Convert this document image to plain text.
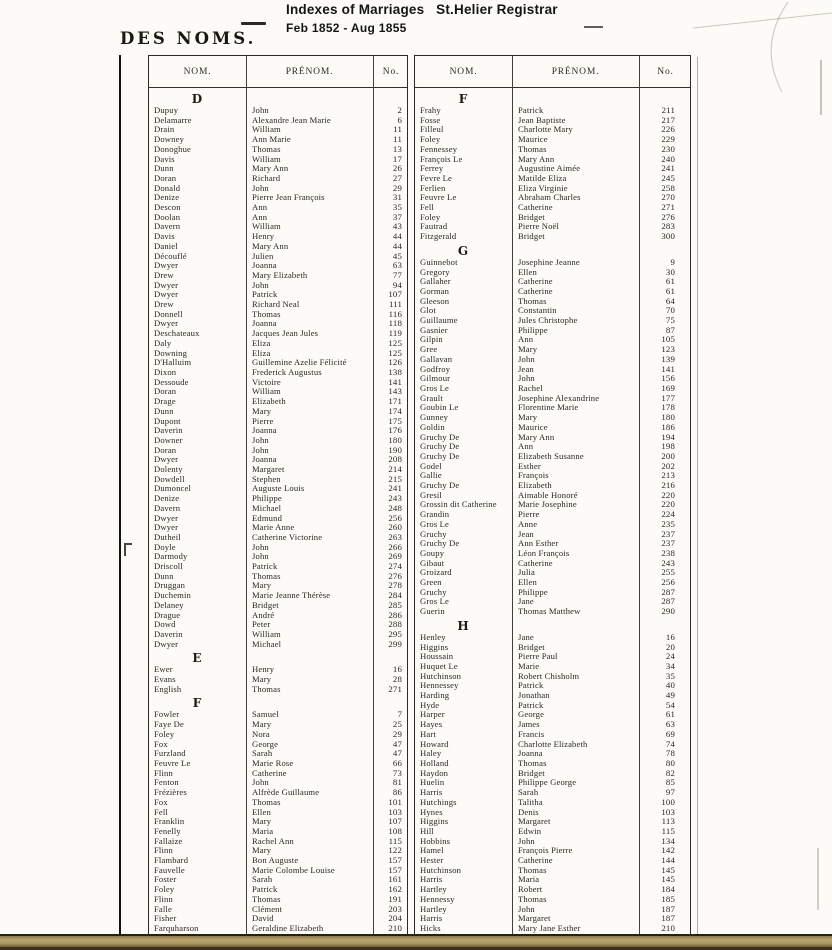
Indexes of Marriages   St.Helier Registrar
Feb 1852 - Aug 1855
DES NOMS.
NOM.	PRÉNOM.	No.
D
Dupuy	John	2
Delamarre	Alexandre Jean Marie	6
Drain	William	11
Downey	Ann Marie	11
Donoghue	Thomas	13
Davis	William	17
Dunn	Mary Ann	26
Doran	Richard	27
Donald	John	29
Denize	Pierre Jean François	31
Descon	Ann	35
Doolan	Ann	37
Davern	William	43
Davis	Henry	44
Daniel	Mary Ann	44
Découflé	Julien	45
Dwyer	Joanna	63
Drew	Mary Elizabeth	77
Dwyer	John	94
Dwyer	Patrick	107
Drew	Richard Neal	111
Donnell	Thomas	116
Dwyer	Joanna	118
Deschateaux	Jacques Jean Jules	119
Daly	Eliza	125
Downing	Eliza	125
D'Halluim	Guillemine Azelie Félicité	126
Dixon	Frederick Augustus	138
Dessoude	Victoire	141
Doran	William	143
Drage	Elizabeth	171
Dunn	Mary	174
Dupont	Pierre	175
Daverin	Joanna	176
Downer	John	180
Doran	John	190
Dwyer	Joanna	208
Dolenty	Margaret	214
Dowdell	Stephen	215
Dumoncel	Auguste Louis	241
Denize	Philippe	243
Davern	Michael	248
Dwyer	Edmund	256
Dwyer	Marie Anne	260
Dutheil	Catherine Victorine	263
Doyle	John	266
Darmody	John	269
Driscoll	Patrick	274
Dunn	Thomas	276
Druggan	Mary	278
Duchemin	Marie Jeanne Thérèse	284
Delaney	Bridget	285
Drague	André	286
Dowd	Peter	288
Daverin	William	295
Dwyer	Michael	299
E
Ewer	Henry	16
Evans	Mary	28
English	Thomas	271
F
Fowler	Samuel	7
Faye De	Mary	25
Foley	Nora	29
Fox	George	47
Furzland	Sarah	47
Feuvre Le	Marie Rose	66
Flinn	Catherine	73
Fenton	John	81
Frézières	Alfrède Guillaume	86
Fox	Thomas	101
Fell	Ellen	103
Franklin	Mary	107
Fenelly	Maria	108
Fallaize	Rachel Ann	115
Flinn	Mary	122
Flambard	Bon Auguste	157
Fauvelle	Marie Colombe Louise	157
Foster	Sarah	161
Foley	Patrick	162
Flinn	Thomas	191
Falle	Clément	203
Fisher	David	204
Farquharson	Geraldine Elizabeth	210
NOM.	PRÉNOM.	No.
F
Frahy	Patrick	211
Fosse	Jean Baptiste	217
Filleul	Charlotte Mary	226
Foley	Maurice	229
Fennessey	Thomas	230
François Le	Mary Ann	240
Ferrey	Augustine Aimée	241
Fevre Le	Matilde Eliza	245
Ferlien	Eliza Virginie	258
Feuvre Le	Abraham Charles	270
Fell	Catherine	271
Foley	Bridget	276
Fautrad	Pierre Noël	283
Fitzgerald	Bridget	300
G
Guinnebot	Josephine Jeanne	9
Gregory	Ellen	30
Gallaher	Catherine	61
Gorman	Catherine	61
Gleeson	Thomas	64
Glot	Constantin	70
Guillaume	Jules Christophe	75
Gasnier	Philippe	87
Gilpin	Ann	105
Gree	Mary	123
Gallavan	John	139
Godfroy	Jean	141
Gilmour	John	156
Gros Le	Rachel	169
Grault	Josephine Alexandrine	177
Goubin Le	Florentine Marie	178
Gunney	Mary	180
Goldin	Maurice	186
Gruchy De	Mary Ann	194
Gruchy De	Ann	198
Gruchy De	Elizabeth Susanne	200
Godel	Esther	202
Gallie	François	213
Gruchy De	Elizabeth	216
Gresil	Aimable Honoré	220
Grossin dit Catherine	Marie Josephine	220
Grandin	Pierre	224
Gros Le	Anne	235
Gruchy	Jean	237
Gruchy De	Ann Esther	237
Goupy	Léon François	238
Gibaut	Catherine	243
Groizard	Julia	255
Green	Ellen	256
Gruchy	Philippe	287
Gros Le	Jane	287
Guerin	Thomas Matthew	290
H
Henley	Jane	16
Higgins	Bridget	20
Houssain	Pierre Paul	24
Huquet Le	Marie	34
Hutchinson	Robert Chisholm	35
Hennessey	Patrick	40
Harding	Jonathan	49
Hyde	Patrick	54
Harper	George	61
Hayes	James	63
Hart	Francis	69
Howard	Charlotte Elizabeth	74
Haley	Joanna	78
Holland	Thomas	80
Haydon	Bridget	82
Huelin	Philippe George	85
Harris	Sarah	97
Hutchings	Talitha	100
Hynes	Denis	103
Higgins	Margaret	113
Hill	Edwin	115
Hobbins	John	134
Hamel	François Pierre	142
Hester	Catherine	144
Hutchinson	Thomas	145
Harris	Maria	145
Hartley	Robert	184
Hennessy	Thomas	185
Hartley	John	187
Harris	Margaret	187
Hicks	Mary Jane Esther	210
